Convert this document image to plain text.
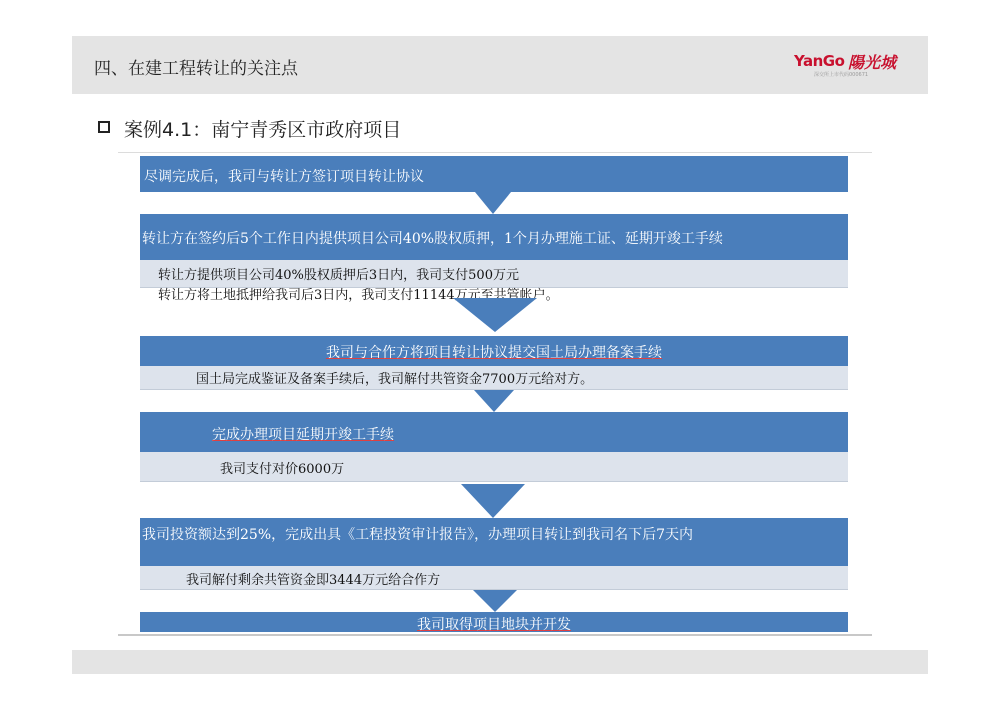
四、在建工程转让的关注点	YanGo 陽光城
深交所上市代码000671
案例4.1：南宁青秀区市政府项目
尽调完成后，我司与转让方签订项目转让协议
转让方在签约后5个工作日内提供项目公司40%股权质押，1个月办理施工证、延期开竣工手续
转让方提供项目公司40%股权质押后3日内，我司支付500万元
转让方将土地抵押给我司后3日内，我司支付11144万元至共管帐户。
我司与合作方将项目转让协议提交国土局办理备案手续
国土局完成鉴证及备案手续后，我司解付共管资金7700万元给对方。
完成办理项目延期开竣工手续
我司支付对价6000万
我司投资额达到25%，完成出具《工程投资审计报告》，办理项目转让到我司名下后7天内
我司解付剩余共管资金即3444万元给合作方
我司取得项目地块并开发
